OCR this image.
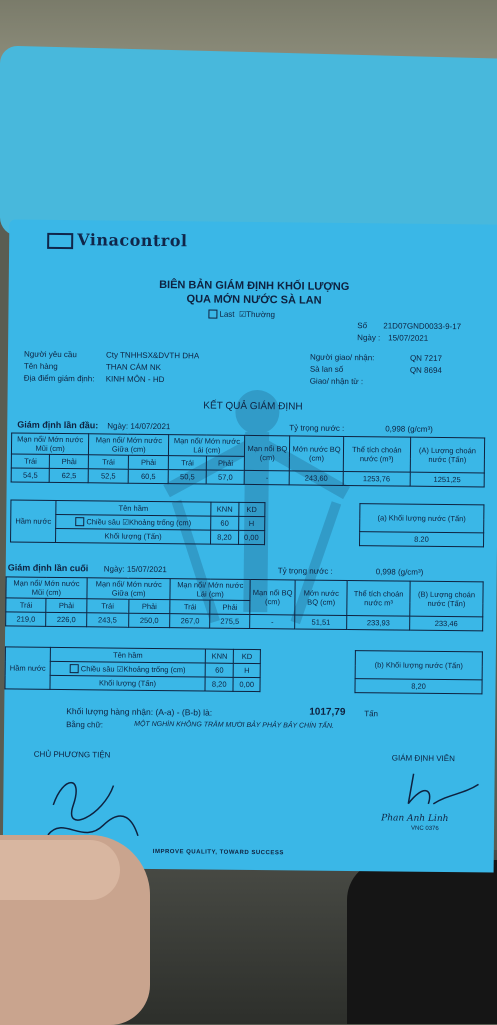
Vinacontrol
BIÊN BẢN GIÁM ĐỊNH KHỐI LƯỢNG
QUA MỚN NƯỚC SÀ LAN
Last ☑Thường
Số 21D07GND0033-9-17
Ngày : 15/07/2021
Người yêu cầu	Cty TNHHSX&DVTH DHA
Tên hàng	THAN CÁM NK
Địa điểm giám định: KINH MÔN - HD
Người giao/ nhận:	QN 7217
Sà lan số	QN 8694
Giao/ nhận từ :
KẾT QUẢ GIÁM ĐỊNH
Giám định lần đầu: Ngày: 14/07/2021	Tỷ trọng nước :	0,998 (g/cm³)
Mạn nổi/ Mớn nước Mũi (cm)		Mạn nổi/ Mớn nước Giữa (cm)		Mạn nổi/ Mớn nước Lái (cm)		Mạn nổi BQ (cm)	Mớn nước BQ (cm)	Thể tích choán nước (m³)	(A) Lượng choán nước (Tấn)
Trái	Phải	Trái	Phải	Trái	Phải				
54,5	62,5	52,5	60,5	50,5	57,0	-	243,60	1253,76	1251,25
Hầm nước	Tên hầm	KNN	KD		(a) Khối lượng nước (Tấn)
	Chiều sâu ☑Khoảng trống (cm)	60	H		
	Khối lượng (Tấn)	8,20	0,00		8.20
Giám định lần cuối Ngày: 15/07/2021	Tỷ trọng nước :	0,998 (g/cm³)
Mạn nổi/ Mớn nước Mũi (cm)		Mạn nổi/ Mớn nước Giữa (cm)		Mạn nổi/ Mớn nước Lái (cm)		Mạn nổi BQ (cm)	Mớn nước BQ (cm)	Thể tích choán nước m³	(B) Lượng choán nước (Tấn)
Trái	Phải	Trái	Phải	Trái	Phải				
219,0	226,0	243,5	250,0	267,0	275,5	-	51,51	233,93	233,46
Hầm nước	Tên hầm	KNN	KD		(b) Khối lượng nước (Tấn)
	Chiều sâu ☑Khoảng trống (cm)	60	H		
	Khối lượng (Tấn)	8,20	0,00		8,20
Khối lượng hàng nhận: (A-a) - (B-b) là:	1017,79 Tấn
Bằng chữ:	MỘT NGHÌN KHÔNG TRĂM MƯỜI BẢY PHẢY BẢY CHÍN TẤN.
CHỦ PHƯƠNG TIỆN	GIÁM ĐỊNH VIÊN
Phan Anh Linh
VNC 0376
IMPROVE QUALITY, TOWARD SUCCESS
